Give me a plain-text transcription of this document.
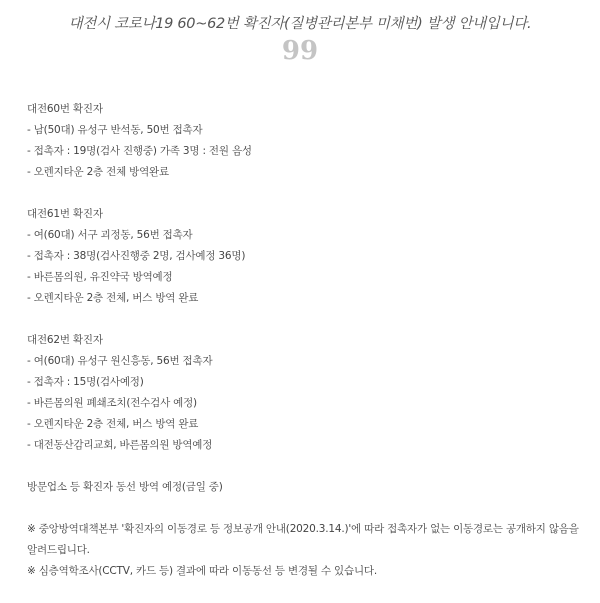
대전시 코로나19 60~62번 확진자(질병관리본부 미채번) 발생 안내입니다.
99
대전60번 확진자
- 남(50대) 유성구 반석동, 50번 접촉자
- 접촉자 : 19명(검사 진행중) 가족 3명 : 전원 음성
- 오렌지타운 2층 전체 방역완료
대전61번 확진자
- 여(60대) 서구 괴정동, 56번 접촉자
- 접촉자 : 38명(검사진행중 2명, 검사예정 36명)
- 바른몸의원, 유진약국 방역예정
- 오렌지타운 2층 전체, 버스 방역 완료
대전62번 확진자
- 여(60대) 유성구 원신흥동, 56번 접촉자
- 접촉자 : 15명(검사예정)
- 바른몸의원 폐쇄조치(전수검사 예정)
- 오렌지타운 2층 전체, 버스 방역 완료
- 대전동산감리교회, 바른몸의원 방역예정
방문업소 등 확진자 동선 방역 예정(금일 중)
※ 중앙방역대책본부 '확진자의 이동경로 등 정보공개 안내(2020.3.14.)'에 따라 접촉자가 없는 이동경로는 공개하지 않음을 알려드립니다.
※ 심층역학조사(CCTV, 카드 등) 결과에 따라 이동동선 등 변경될 수 있습니다.
